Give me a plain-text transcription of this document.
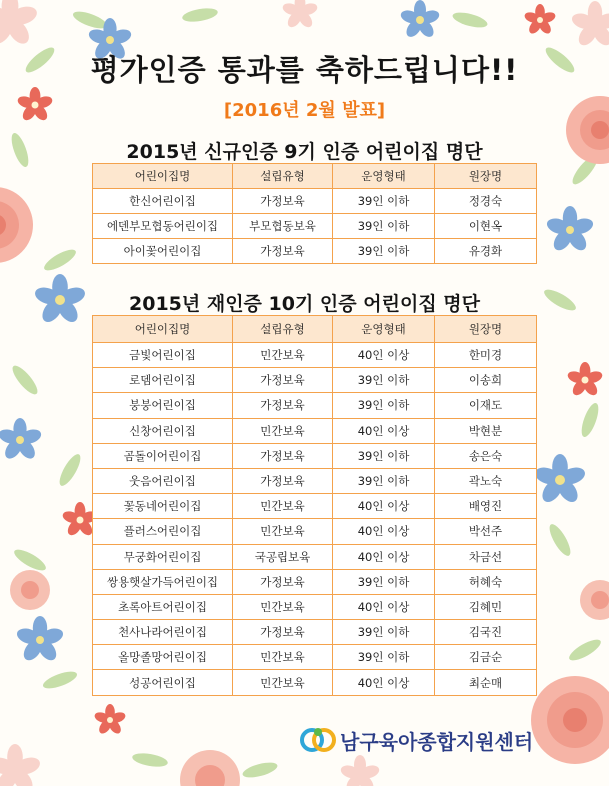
평가인증 통과를 축하드립니다!!
[2016년 2월 발표]
2015년 신규인증 9기 인증 어린이집 명단
어린이집명	설립유형	운영형태	원장명
한신어린이집	가정보육	39인 이하	정경숙
에덴부모협동어린이집	부모협동보육	39인 이하	이현옥
아이꽃어린이집	가정보육	39인 이하	유경화
2015년 재인증 10기 인증 어린이집 명단
어린이집명	설립유형	운영형태	원장명
금빛어린이집	민간보육	40인 이상	한미경
로뎀어린이집	가정보육	39인 이하	이송희
붕붕어린이집	가정보육	39인 이하	이재도
신창어린이집	민간보육	40인 이상	박현분
곰돌이어린이집	가정보육	39인 이하	송은숙
웃음어린이집	가정보육	39인 이하	곽노숙
꽃동네어린이집	민간보육	40인 이상	배영진
플러스어린이집	민간보육	40인 이상	박선주
무궁화어린이집	국공립보육	40인 이상	차금선
쌍용햇살가득어린이집	가정보육	39인 이하	허혜숙
초록아트어린이집	민간보육	40인 이상	김혜민
천사나라어린이집	가정보육	39인 이하	김국진
올망졸망어린이집	민간보육	39인 이하	김금순
성공어린이집	민간보육	40인 이상	최순매
남구육아종합지원센터
